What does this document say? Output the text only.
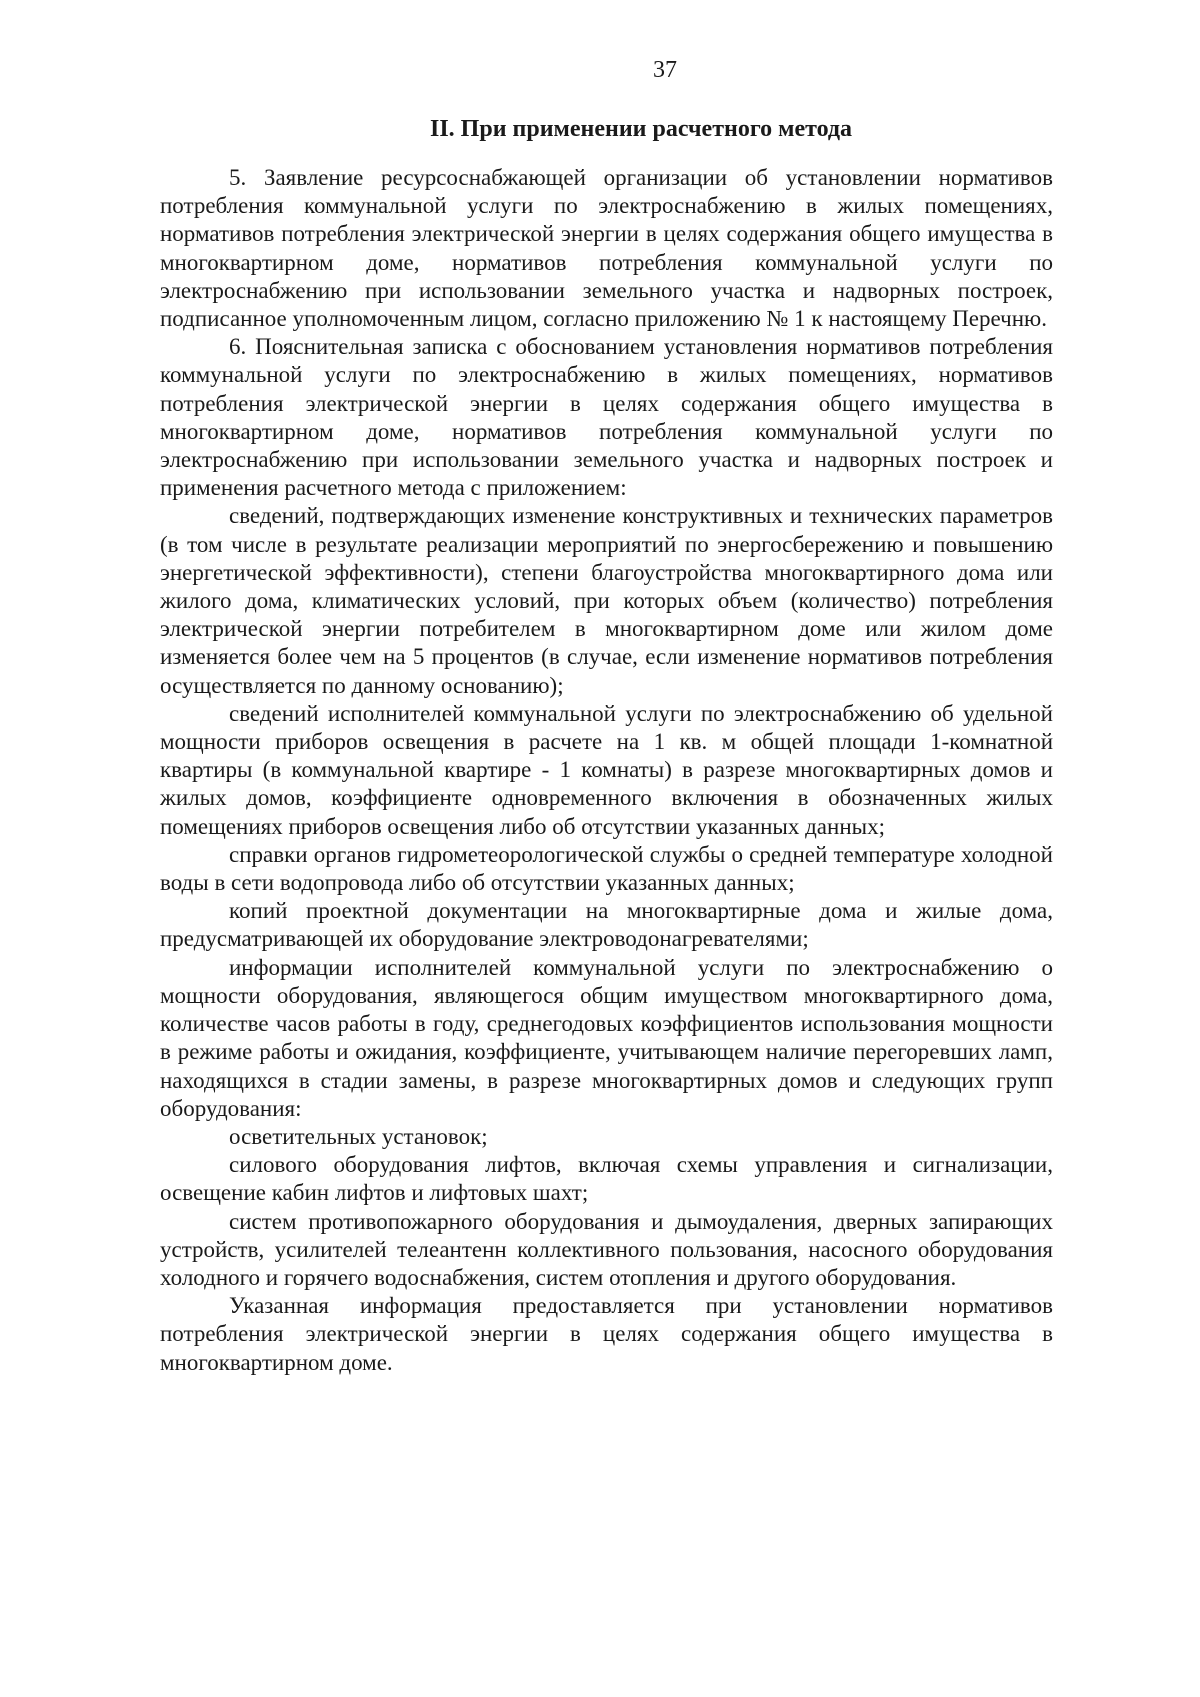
37
II. При применении расчетного метода

5. Заявление ресурсоснабжающей организации об установлении нормативов потребления коммунальной услуги по электроснабжению в жилых помещениях, нормативов потребления электрической энергии в целях содержания общего имущества в многоквартирном доме, нормативов потребления коммунальной услуги по электроснабжению при использовании земельного участка и надворных построек, подписанное уполномоченным лицом, согласно приложению № 1 к настоящему Перечню.

6. Пояснительная записка с обоснованием установления нормативов потребления коммунальной услуги по электроснабжению в жилых помещениях, нормативов потребления электрической энергии в целях содержания общего имущества в многоквартирном доме, нормативов потребления коммунальной услуги по электроснабжению при использовании земельного участка и надворных построек и применения расчетного метода с приложением:

сведений, подтверждающих изменение конструктивных и технических параметров (в том числе в результате реализации мероприятий по энергосбережению и повышению энергетической эффективности), степени благоустройства многоквартирного дома или жилого дома, климатических условий, при которых объем (количество) потребления электрической энергии потребителем в многоквартирном доме или жилом доме изменяется более чем на 5 процентов (в случае, если изменение нормативов потребления осуществляется по данному основанию);

сведений исполнителей коммунальной услуги по электроснабжению об удельной мощности приборов освещения в расчете на 1 кв. м общей площади 1-комнатной квартиры (в коммунальной квартире - 1 комнаты) в разрезе многоквартирных домов и жилых домов, коэффициенте одновременного включения в обозначенных жилых помещениях приборов освещения либо об отсутствии указанных данных;

справки органов гидрометеорологической службы о средней температуре холодной воды в сети водопровода либо об отсутствии указанных данных;

копий проектной документации на многоквартирные дома и жилые дома, предусматривающей их оборудование электроводонагревателями;

информации исполнителей коммунальной услуги по электроснабжению о мощности оборудования, являющегося общим имуществом многоквартирного дома, количестве часов работы в году, среднегодовых коэффициентов использования мощности в режиме работы и ожидания, коэффициенте, учитывающем наличие перегоревших ламп, находящихся в стадии замены, в разрезе многоквартирных домов и следующих групп оборудования:

осветительных установок;

силового оборудования лифтов, включая схемы управления и сигнализации, освещение кабин лифтов и лифтовых шахт;

систем противопожарного оборудования и дымоудаления, дверных запирающих устройств, усилителей телеантенн коллективного пользования, насосного оборудования холодного и горячего водоснабжения, систем отопления и другого оборудования.

Указанная информация предоставляется при установлении нормативов потребления электрической энергии в целях содержания общего имущества в многоквартирном доме.
